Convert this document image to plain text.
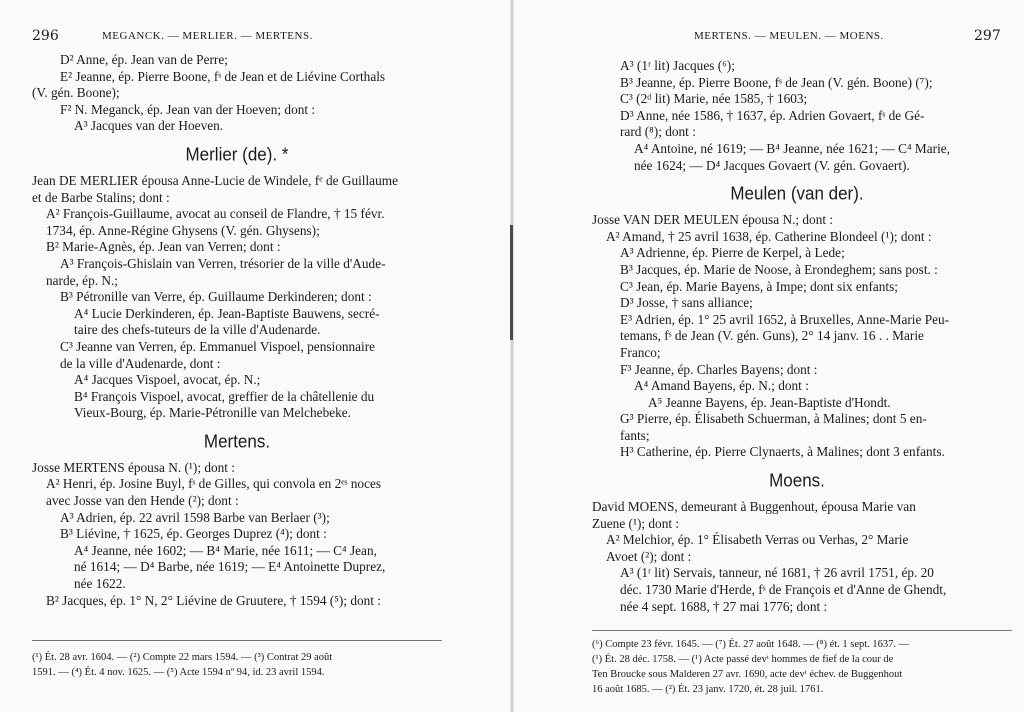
296	MEGANCK. — MERLIER. — MERTENS.
D² Anne, ép. Jean van de Perre;
E² Jeanne, ép. Pierre Boone, fˢ de Jean et de Liévine Corthals
(V. gén. Boone);
F² N. Meganck, ép. Jean van der Hoeven; dont :
A³ Jacques van der Hoeven.
Merlier (de). *
Jean DE MERLIER épousa Anne-Lucie de Windele, fᵉ de Guillaume
et de Barbe Stalins; dont :
A² François-Guillaume, avocat au conseil de Flandre, † 15 févr.
1734, ép. Anne-Régine Ghysens (V. gén. Ghysens);
B² Marie-Agnès, ép. Jean van Verren; dont :
A³ François-Ghislain van Verren, trésorier de la ville d'Aude-
narde, ép. N.;
B³ Pétronille van Verre, ép. Guillaume Derkinderen; dont :
A⁴ Lucie Derkinderen, ép. Jean-Baptiste Bauwens, secré-
taire des chefs-tuteurs de la ville d'Audenarde.
C³ Jeanne van Verren, ép. Emmanuel Vispoel, pensionnaire
de la ville d'Audenarde, dont :
A⁴ Jacques Vispoel, avocat, ép. N.;
B⁴ François Vispoel, avocat, greffier de la châtellenie du
Vieux-Bourg, ép. Marie-Pétronille van Melchebeke.
Mertens.
Josse MERTENS épousa N. (¹); dont :
A² Henri, ép. Josine Buyl, fˢ de Gilles, qui convola en 2ᵉˢ noces
avec Josse van den Hende (²); dont :
A³ Adrien, ép. 22 avril 1598 Barbe van Berlaer (³);
B³ Liévine, † 1625, ép. Georges Duprez (⁴); dont :
A⁴ Jeanne, née 1602; — B⁴ Marie, née 1611; — C⁴ Jean,
né 1614; — D⁴ Barbe, née 1619; — E⁴ Antoinette Duprez,
née 1622.
B² Jacques, ép. 1° N, 2° Liévine de Gruutere, † 1594 (⁵); dont :
(¹) Ét. 28 avr. 1604. — (²) Compte 22 mars 1594. — (³) Contrat 29 août
1591. — (⁴) Ét. 4 nov. 1625. — (⁵) Acte 1594 nº 94, id. 23 avril 1594.
MERTENS. — MEULEN. — MOENS.	297
A³ (1ʳ lit) Jacques (⁶);
B³ Jeanne, ép. Pierre Boone, fˢ de Jean (V. gén. Boone) (⁷);
C³ (2ᵈ lit) Marie, née 1585, † 1603;
D³ Anne, née 1586, † 1637, ép. Adrien Govaert, fˢ de Gé-
rard (⁸); dont :
A⁴ Antoine, né 1619; — B⁴ Jeanne, née 1621; — C⁴ Marie,
née 1624; — D⁴ Jacques Govaert (V. gén. Govaert).
Meulen (van der).
Josse VAN DER MEULEN épousa N.; dont :
A² Amand, † 25 avril 1638, ép. Catherine Blondeel (¹); dont :
A³ Adrienne, ép. Pierre de Kerpel, à Lede;
B³ Jacques, ép. Marie de Noose, à Erondeghem; sans post. :
C³ Jean, ép. Marie Bayens, à Impe; dont six enfants;
D³ Josse, † sans alliance;
E³ Adrien, ép. 1° 25 avril 1652, à Bruxelles, Anne-Marie Peu-
temans, fˢ de Jean (V. gén. Guns), 2° 14 janv. 16 . . Marie
Franco;
F³ Jeanne, ép. Charles Bayens; dont :
A⁴ Amand Bayens, ép. N.; dont :
A⁵ Jeanne Bayens, ép. Jean-Baptiste d'Hondt.
G³ Pierre, ép. Élisabeth Schuerman, à Malines; dont 5 en-
fants;
H³ Catherine, ép. Pierre Clynaerts, à Malines; dont 3 enfants.
Moens.
David MOENS, demeurant à Buggenhout, épousa Marie van
Zuene (¹); dont :
A² Melchior, ép. 1° Élisabeth Verras ou Verhas, 2° Marie
Avoet (²); dont :
A³ (1ʳ lit) Servais, tanneur, né 1681, † 26 avril 1751, ép. 20
déc. 1730 Marie d'Herde, fˢ de François et d'Anne de Ghendt,
née 4 sept. 1688, † 27 mai 1776; dont :
(⁶) Compte 23 févr. 1645. — (⁷) Ét. 27 août 1648. — (⁸) ét. 1 sept. 1637. —
(¹) Ét. 28 déc. 1758. — (¹) Acte passé devᵗ hommes de fief de la cour de
Ten Broucke sous Malderen 27 avr. 1690, acte devᵗ échev. de Buggenhout
16 août 1685. — (²) Ét. 23 janv. 1720, ét. 28 juil. 1761.
